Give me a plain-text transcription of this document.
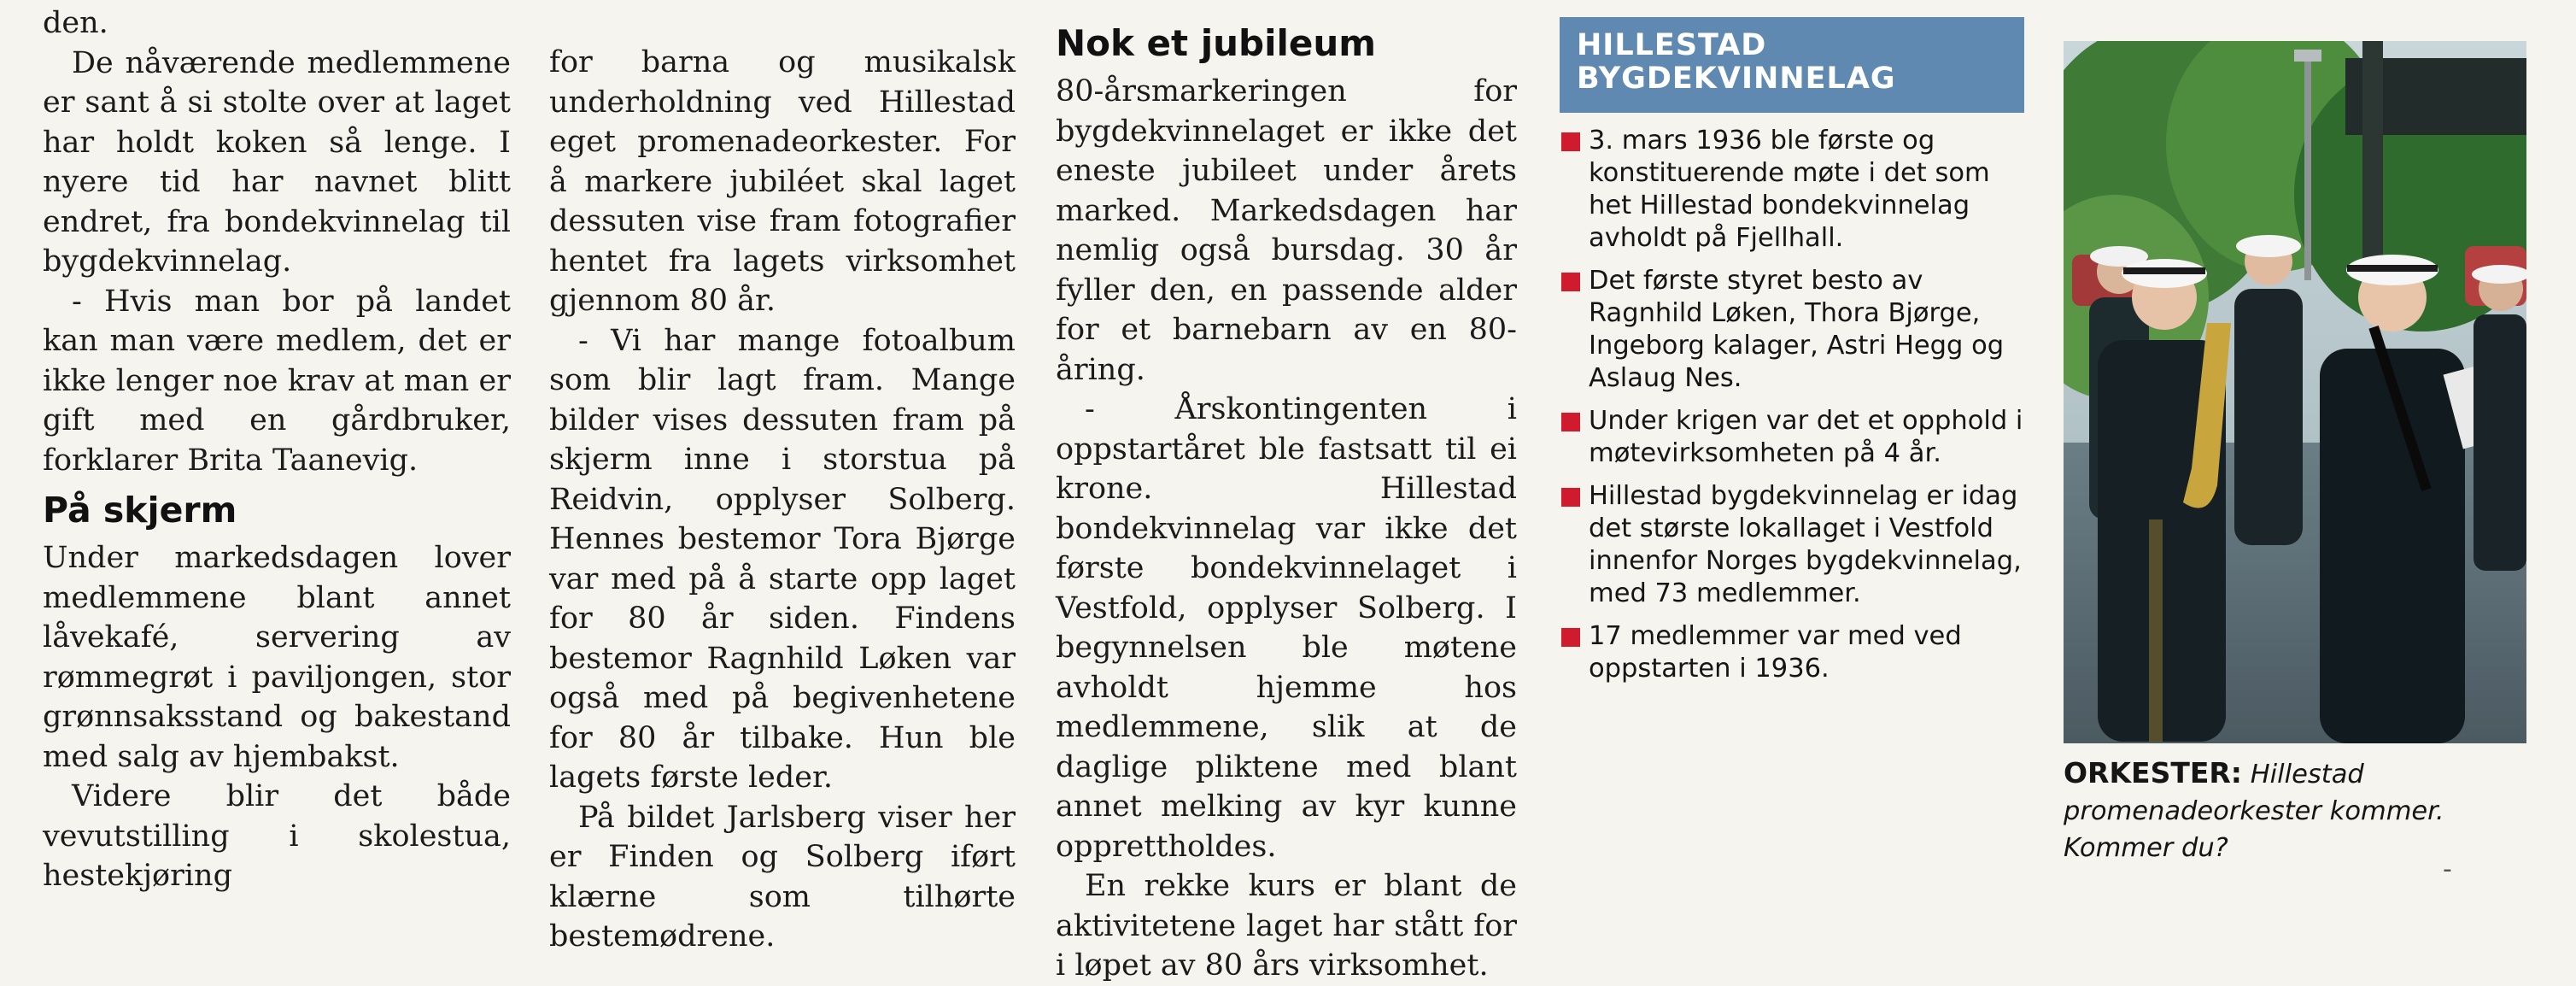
den.

De nåværende medlemmene er sant å si stolte over at laget har holdt koken så lenge. I nyere tid har navnet blitt endret, fra bondekvinnelag til bygdekvinnelag.

- Hvis man bor på landet kan man være medlem, det er ikke lenger noe krav at man er gift med en gårdbruker, forklarer Brita Taanevig.

På skjerm

Under markedsdagen lover medlemmene blant annet låvekafé, servering av rømmegrøt i paviljongen, stor grønnsaksstand og bakestand med salg av hjembakst.

Videre blir det både vevutstilling i skolestua, hestekjøring

for barna og musikalsk underholdning ved Hillestad eget promenadeorkester. For å markere jubiléet skal laget dessuten vise fram fotografier hentet fra lagets virksomhet gjennom 80 år.

- Vi har mange fotoalbum som blir lagt fram. Mange bilder vises dessuten fram på skjerm inne i storstua på Reidvin, opplyser Solberg. Hennes bestemor Tora Bjørge var med på å starte opp laget for 80 år siden. Findens bestemor Ragnhild Løken var også med på begivenhetene for 80 år tilbake. Hun ble lagets første leder.

På bildet Jarlsberg viser her er Finden og Solberg iført klærne som tilhørte bestemødrene.

Nok et jubileum

80-årsmarkeringen for bygdekvinnelaget er ikke det eneste jubileet under årets marked. Markedsdagen har nemlig også bursdag. 30 år fyller den, en passende alder for et barnebarn av en 80-åring.

- Årskontingenten i oppstartåret ble fastsatt til ei krone. Hillestad bondekvinnelag var ikke det første bondekvinnelaget i Vestfold, opplyser Solberg. I begynnelsen ble møtene avholdt hjemme hos medlemmene, slik at de daglige pliktene med blant annet melking av kyr kunne opprettholdes.

En rekke kurs er blant de aktivitetene laget har stått for i løpet av 80 års virksomhet.

HILLESTAD
BYGDEKVINNELAG
3. mars 1936 ble første og konstituerende møte i det som het Hillestad bondekvinnelag avholdt på Fjellhall.
Det første styret besto av Ragnhild Løken, Thora Bjørge, Ingeborg kalager, Astri Hegg og Aslaug Nes.
Under krigen var det et opphold i møtevirksomheten på 4 år.
Hillestad bygdekvinnelag er idag det største lokallaget i Vestfold innenfor Norges bygdekvinnelag, med 73 medlemmer.
17 medlemmer var med ved oppstarten i 1936.
ORKESTER: Hillestad promenadeorkester kommer. Kommer du?
-
